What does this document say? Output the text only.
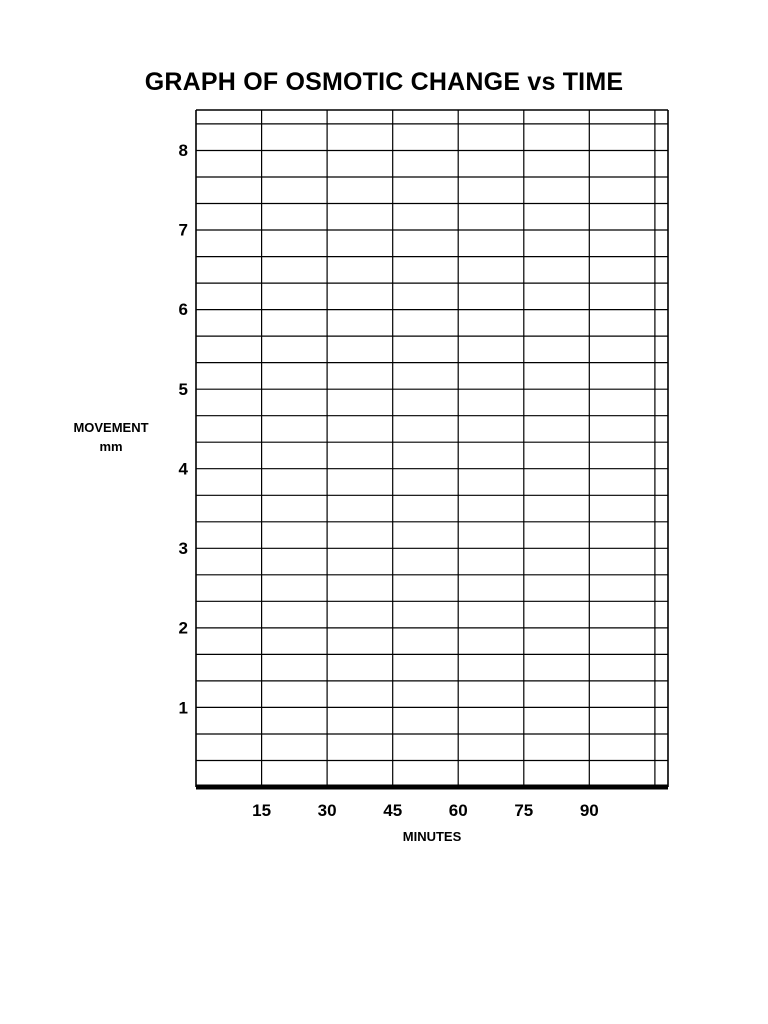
GRAPH OF OSMOTIC CHANGE vs TIME
MOVEMENT
mm
MINUTES
1
2
3
4
5
6
7
8
15	30	45	60	75	90
